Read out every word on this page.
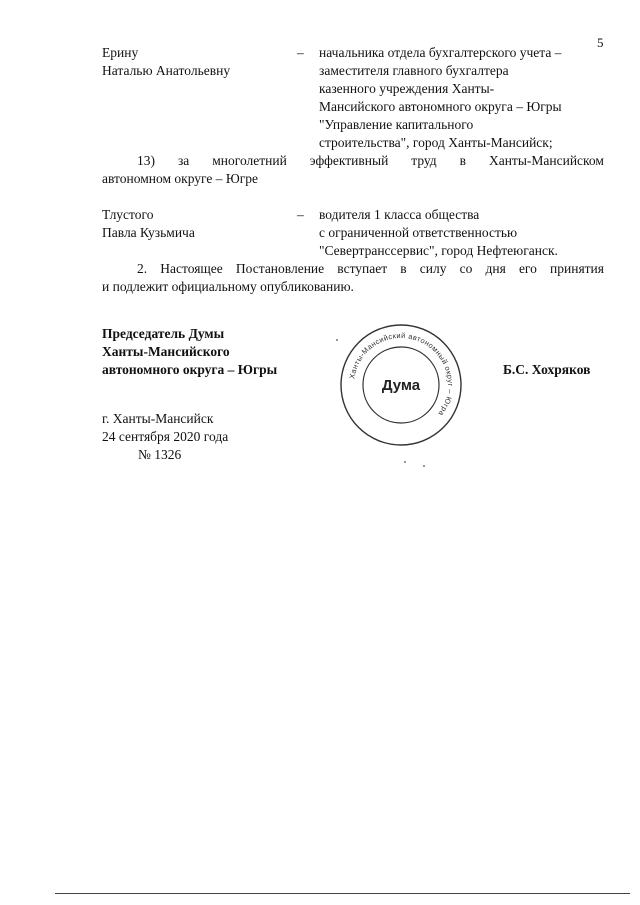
5
Ерину
Наталью Анатольевну
– начальника отдела бухгалтерского учета –
заместителя главного бухгалтера
казенного учреждения Ханты-
Мансийского автономного округа – Югры
"Управление капитального
строительства", город Ханты-Мансийск;
13) за многолетний эффективный труд в Ханты-Мансийском
автономном округе – Югре
Тлустого
Павла Кузьмича
– водителя 1 класса общества
с ограниченной ответственностью
"Севертранссервис", город Нефтеюганск.
2. Настоящее Постановление вступает в силу со дня его принятия
и подлежит официальному опубликованию.
Председатель Думы
Ханты-Мансийского
автономного округа – Югры	Б.С. Хохряков
Ханты-Мансийский автономный округ – Югра
Дума
г. Ханты-Мансийск
24 сентября 2020 года
№ 1326
